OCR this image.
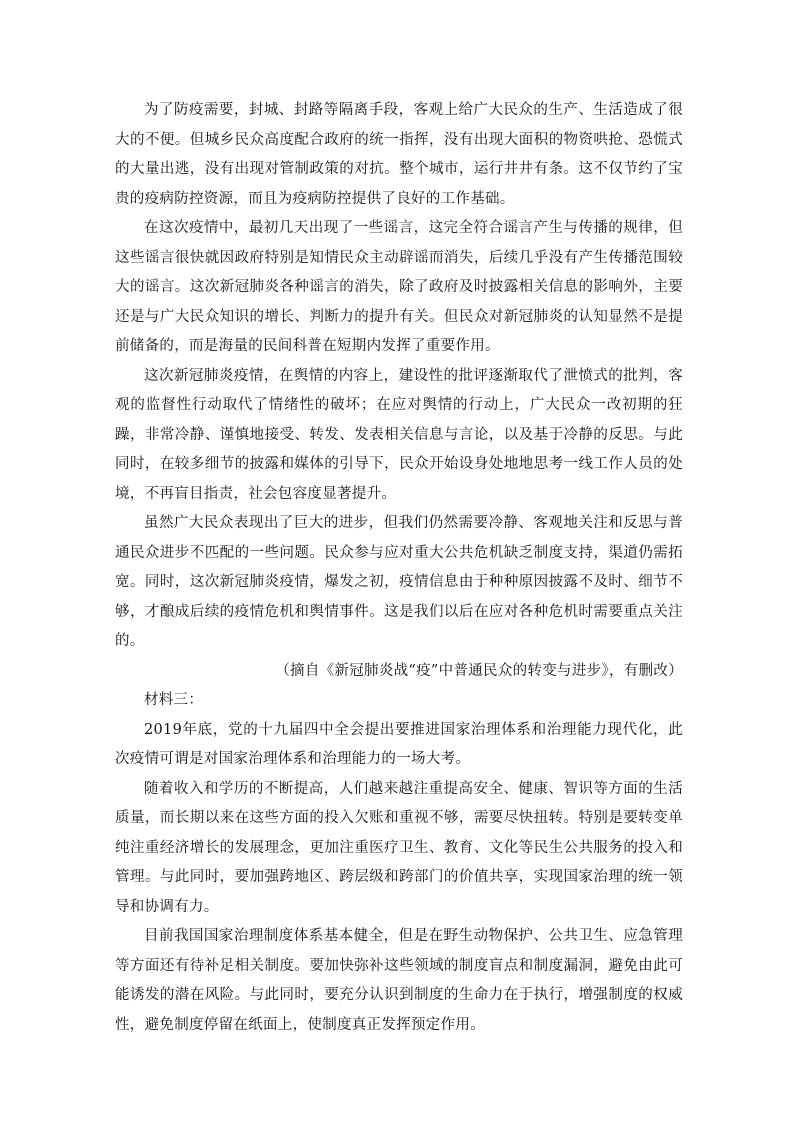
为了防疫需要，封城、封路等隔离手段，客观上给广大民众的生产、生活造成了很大的不便。但城乡民众高度配合政府的统一指挥，没有出现大面积的物资哄抢、恐慌式的大量出逃，没有出现对管制政策的对抗。整个城市，运行井井有条。这不仅节约了宝贵的疫病防控资源，而且为疫病防控提供了良好的工作基础。

在这次疫情中，最初几天出现了一些谣言，这完全符合谣言产生与传播的规律，但这些谣言很快就因政府特别是知情民众主动辟谣而消失，后续几乎没有产生传播范围较大的谣言。这次新冠肺炎各种谣言的消失，除了政府及时披露相关信息的影响外，主要还是与广大民众知识的增长、判断力的提升有关。但民众对新冠肺炎的认知显然不是提前储备的，而是海量的民间科普在短期内发挥了重要作用。

这次新冠肺炎疫情，在舆情的内容上，建设性的批评逐渐取代了泄愤式的批判，客观的监督性行动取代了情绪性的破坏；在应对舆情的行动上，广大民众一改初期的狂躁，非常冷静、谨慎地接受、转发、发表相关信息与言论，以及基于冷静的反思。与此同时，在较多细节的披露和媒体的引导下，民众开始设身处地地思考一线工作人员的处境，不再盲目指责，社会包容度显著提升。

虽然广大民众表现出了巨大的进步，但我们仍然需要冷静、客观地关注和反思与普通民众进步不匹配的一些问题。民众参与应对重大公共危机缺乏制度支持，渠道仍需拓宽。同时，这次新冠肺炎疫情，爆发之初，疫情信息由于种种原因披露不及时、细节不够，才酿成后续的疫情危机和舆情事件。这是我们以后在应对各种危机时需要重点关注的。

（摘自《新冠肺炎战“疫”中普通民众的转变与进步》，有删改）

材料三：

2019年底，党的十九届四中全会提出要推进国家治理体系和治理能力现代化，此次疫情可谓是对国家治理体系和治理能力的一场大考。

随着收入和学历的不断提高，人们越来越注重提高安全、健康、智识等方面的生活质量，而长期以来在这些方面的投入欠账和重视不够，需要尽快扭转。特别是要转变单纯注重经济增长的发展理念，更加注重医疗卫生、教育、文化等民生公共服务的投入和管理。与此同时，要加强跨地区、跨层级和跨部门的价值共享，实现国家治理的统一领导和协调有力。

目前我国国家治理制度体系基本健全，但是在野生动物保护、公共卫生、应急管理等方面还有待补足相关制度。要加快弥补这些领域的制度盲点和制度漏洞，避免由此可能诱发的潜在风险。与此同时，要充分认识到制度的生命力在于执行，增强制度的权威性，避免制度停留在纸面上，使制度真正发挥预定作用。
